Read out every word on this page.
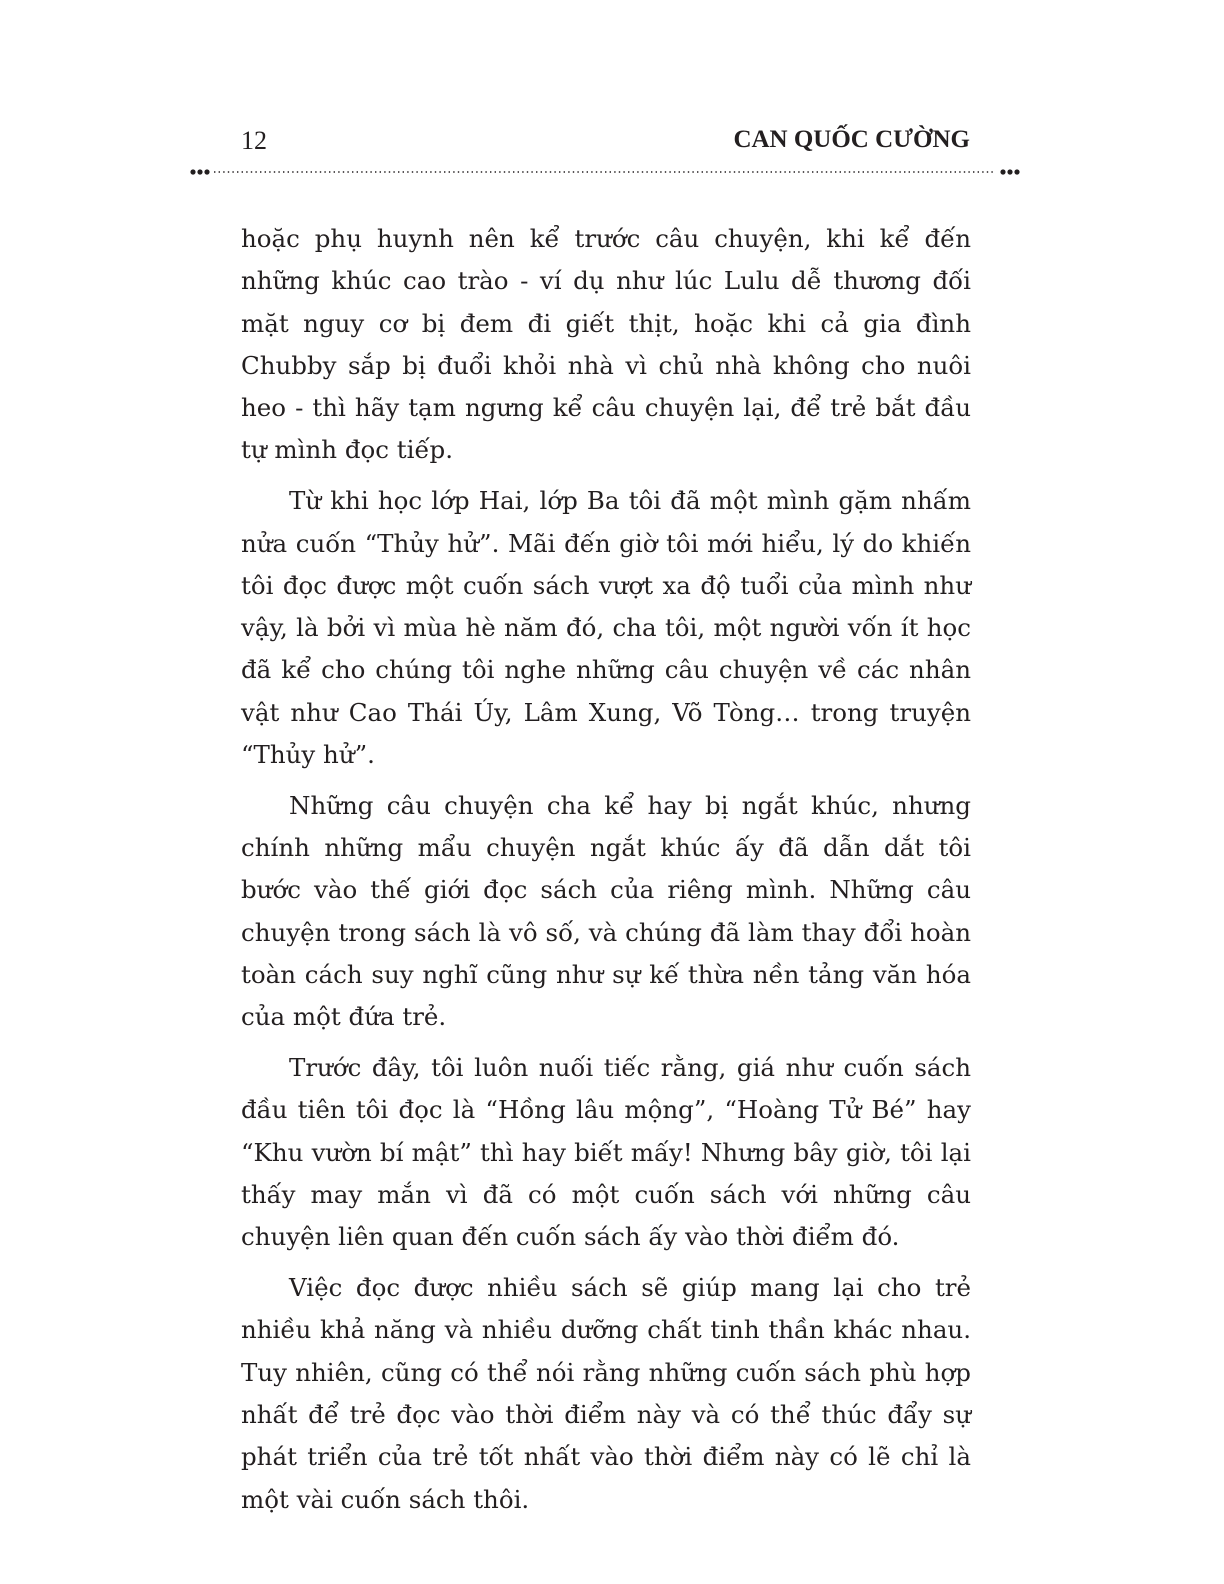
12	CAN QUỐC CƯỜNG

hoặc phụ huynh nên kể trước câu chuyện, khi kể đến những khúc cao trào - ví dụ như lúc Lulu dễ thương đối mặt nguy cơ bị đem đi giết thịt, hoặc khi cả gia đình Chubby sắp bị đuổi khỏi nhà vì chủ nhà không cho nuôi heo - thì hãy tạm ngưng kể câu chuyện lại, để trẻ bắt đầu tự mình đọc tiếp.

Từ khi học lớp Hai, lớp Ba tôi đã một mình gặm nhấm nửa cuốn “Thủy hử”. Mãi đến giờ tôi mới hiểu, lý do khiến tôi đọc được một cuốn sách vượt xa độ tuổi của mình như vậy, là bởi vì mùa hè năm đó, cha tôi, một người vốn ít học đã kể cho chúng tôi nghe những câu chuyện về các nhân vật như Cao Thái Úy, Lâm Xung, Võ Tòng… trong truyện “Thủy hử”.

Những câu chuyện cha kể hay bị ngắt khúc, nhưng chính những mẩu chuyện ngắt khúc ấy đã dẫn dắt tôi bước vào thế giới đọc sách của riêng mình. Những câu chuyện trong sách là vô số, và chúng đã làm thay đổi hoàn toàn cách suy nghĩ cũng như sự kế thừa nền tảng văn hóa của một đứa trẻ.

Trước đây, tôi luôn nuối tiếc rằng, giá như cuốn sách đầu tiên tôi đọc là “Hồng lâu mộng”, “Hoàng Tử Bé” hay “Khu vườn bí mật” thì hay biết mấy! Nhưng bây giờ, tôi lại thấy may mắn vì đã có một cuốn sách với những câu chuyện liên quan đến cuốn sách ấy vào thời điểm đó.

Việc đọc được nhiều sách sẽ giúp mang lại cho trẻ nhiều khả năng và nhiều dưỡng chất tinh thần khác nhau. Tuy nhiên, cũng có thể nói rằng những cuốn sách phù hợp nhất để trẻ đọc vào thời điểm này và có thể thúc đẩy sự phát triển của trẻ tốt nhất vào thời điểm này có lẽ chỉ là một vài cuốn sách thôi.
